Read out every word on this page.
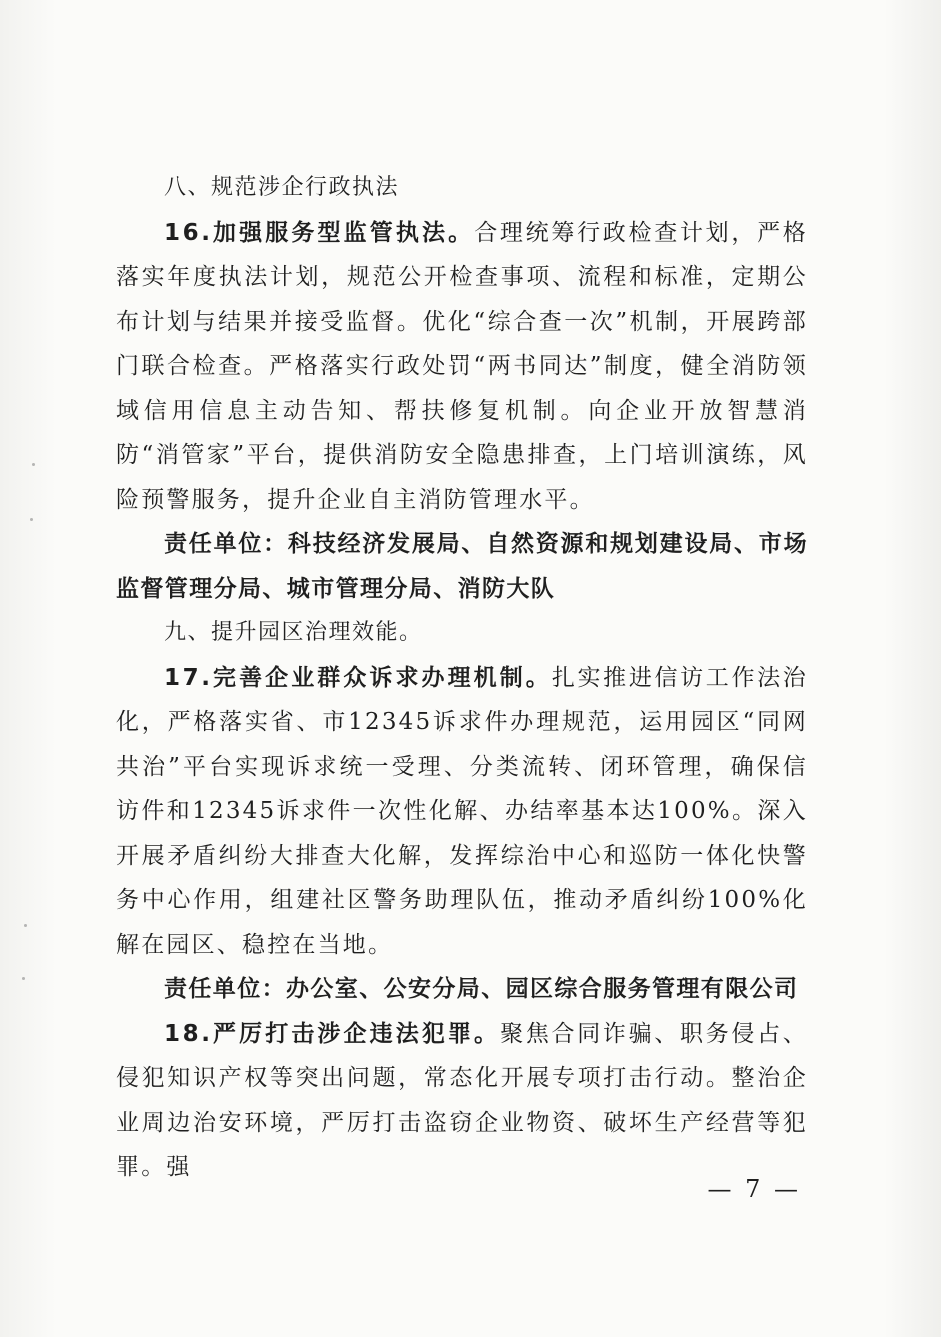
八、规范涉企行政执法

16.加强服务型监管执法。合理统筹行政检查计划，严格落实年度执法计划，规范公开检查事项、流程和标准，定期公布计划与结果并接受监督。优化“综合查一次”机制，开展跨部门联合检查。严格落实行政处罚“两书同达”制度，健全消防领域信用信息主动告知、帮扶修复机制。向企业开放智慧消防“消管家”平台，提供消防安全隐患排查，上门培训演练，风险预警服务，提升企业自主消防管理水平。

责任单位：科技经济发展局、自然资源和规划建设局、市场监督管理分局、城市管理分局、消防大队

九、提升园区治理效能。

17.完善企业群众诉求办理机制。扎实推进信访工作法治化，严格落实省、市12345诉求件办理规范，运用园区“同网共治”平台实现诉求统一受理、分类流转、闭环管理，确保信访件和12345诉求件一次性化解、办结率基本达100%。深入开展矛盾纠纷大排查大化解，发挥综治中心和巡防一体化快警务中心作用，组建社区警务助理队伍，推动矛盾纠纷100%化解在园区、稳控在当地。

责任单位：办公室、公安分局、园区综合服务管理有限公司

18.严厉打击涉企违法犯罪。聚焦合同诈骗、职务侵占、侵犯知识产权等突出问题，常态化开展专项打击行动。整治企业周边治安环境，严厉打击盗窃企业物资、破坏生产经营等犯罪。强

— 7 —
